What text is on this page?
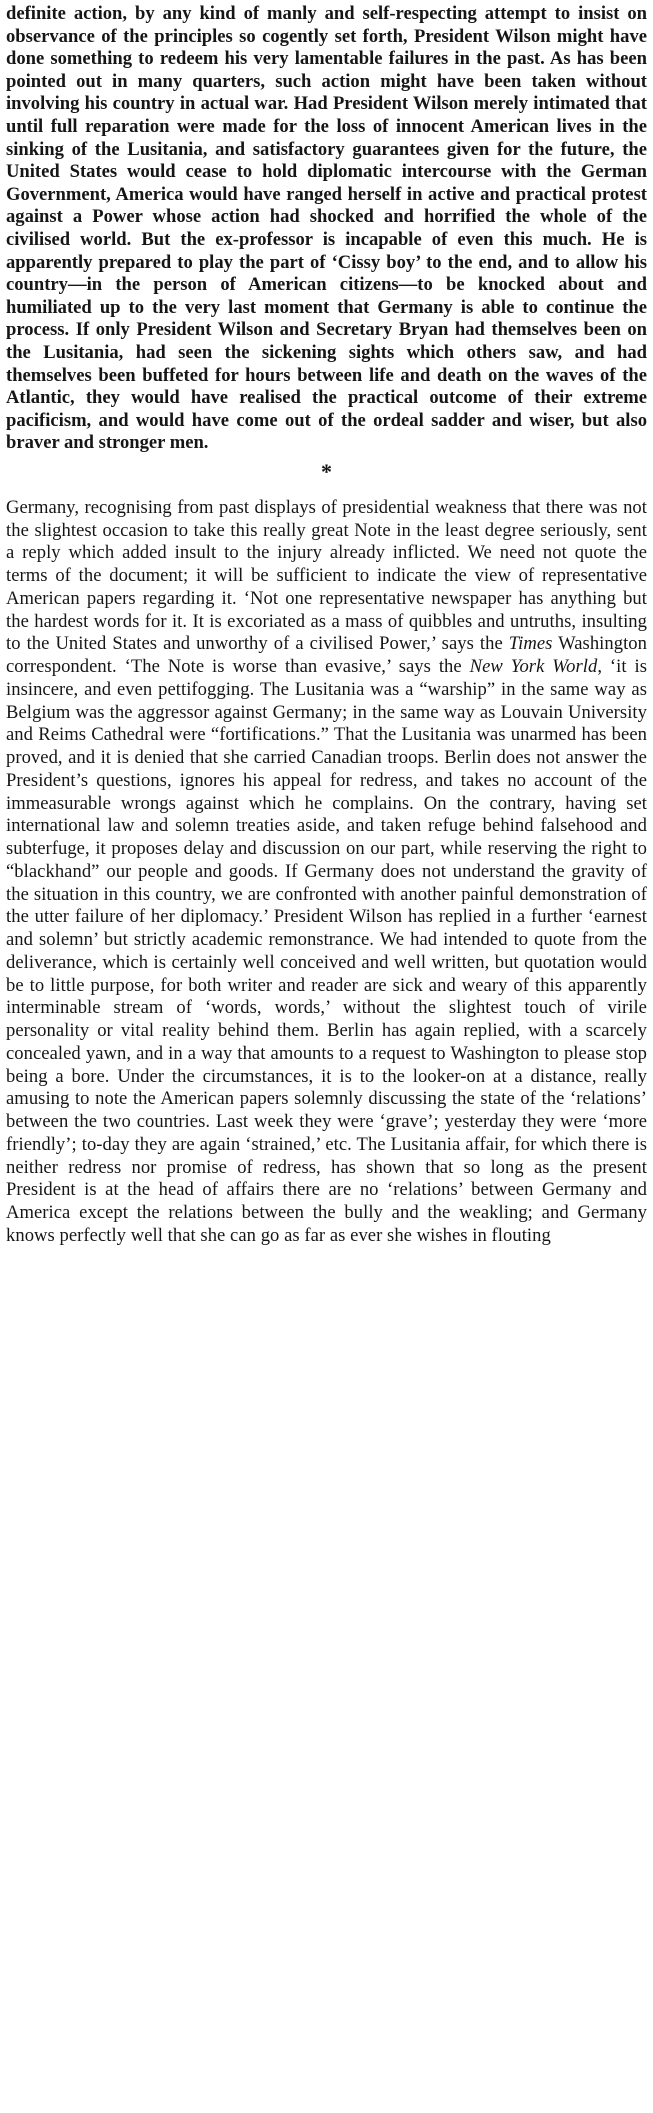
definite action, by any kind of manly and self-respecting attempt to insist on observance of the principles so cogently set forth, President Wilson might have done something to redeem his very lamentable failures in the past. As has been pointed out in many quarters, such action might have been taken without involving his country in actual war. Had President Wilson merely intimated that until full reparation were made for the loss of innocent American lives in the sinking of the Lusitania, and satisfactory guarantees given for the future, the United States would cease to hold diplomatic intercourse with the German Government, America would have ranged herself in active and practical protest against a Power whose action had shocked and horrified the whole of the civilised world. But the ex-professor is incapable of even this much. He is apparently prepared to play the part of ‘Cissy boy’ to the end, and to allow his country—in the person of American citizens—to be knocked about and humiliated up to the very last moment that Germany is able to continue the process. If only President Wilson and Secretary Bryan had themselves been on the Lusitania, had seen the sickening sights which others saw, and had themselves been buffeted for hours between life and death on the waves of the Atlantic, they would have realised the practical outcome of their extreme pacificism, and would have come out of the ordeal sadder and wiser, but also braver and stronger men.

*

Germany, recognising from past displays of presidential weakness that there was not the slightest occasion to take this really great Note in the least degree seriously, sent a reply which added insult to the injury already inflicted. We need not quote the terms of the document; it will be sufficient to indicate the view of representative American papers regarding it. ‘Not one representative newspaper has anything but the hardest words for it. It is excoriated as a mass of quibbles and untruths, insulting to the United States and unworthy of a civilised Power,’ says the Times Washington correspondent. ‘The Note is worse than evasive,’ says the New York World, ‘it is insincere, and even pettifogging. The Lusitania was a “warship” in the same way as Belgium was the aggressor against Germany; in the same way as Louvain University and Reims Cathedral were “fortifications.” That the Lusitania was unarmed has been proved, and it is denied that she carried Canadian troops. Berlin does not answer the President’s questions, ignores his appeal for redress, and takes no account of the immeasurable wrongs against which he complains. On the contrary, having set international law and solemn treaties aside, and taken refuge behind falsehood and subterfuge, it proposes delay and discussion on our part, while reserving the right to “blackhand” our people and goods. If Germany does not understand the gravity of the situation in this country, we are confronted with another painful demonstration of the utter failure of her diplomacy.’ President Wilson has replied in a further ‘earnest and solemn’ but strictly academic remonstrance. We had intended to quote from the deliverance, which is certainly well conceived and well written, but quotation would be to little purpose, for both writer and reader are sick and weary of this apparently interminable stream of ‘words, words,’ without the slightest touch of virile personality or vital reality behind them. Berlin has again replied, with a scarcely concealed yawn, and in a way that amounts to a request to Washington to please stop being a bore. Under the circumstances, it is to the looker-on at a distance, really amusing to note the American papers solemnly discussing the state of the ‘relations’ between the two countries. Last week they were ‘grave’; yesterday they were ‘more friendly’; to-day they are again ‘strained,’ etc. The Lusitania affair, for which there is neither redress nor promise of redress, has shown that so long as the present President is at the head of affairs there are no ‘relations’ between Germany and America except the relations between the bully and the weakling; and Germany knows perfectly well that she can go as far as ever she wishes in flouting
